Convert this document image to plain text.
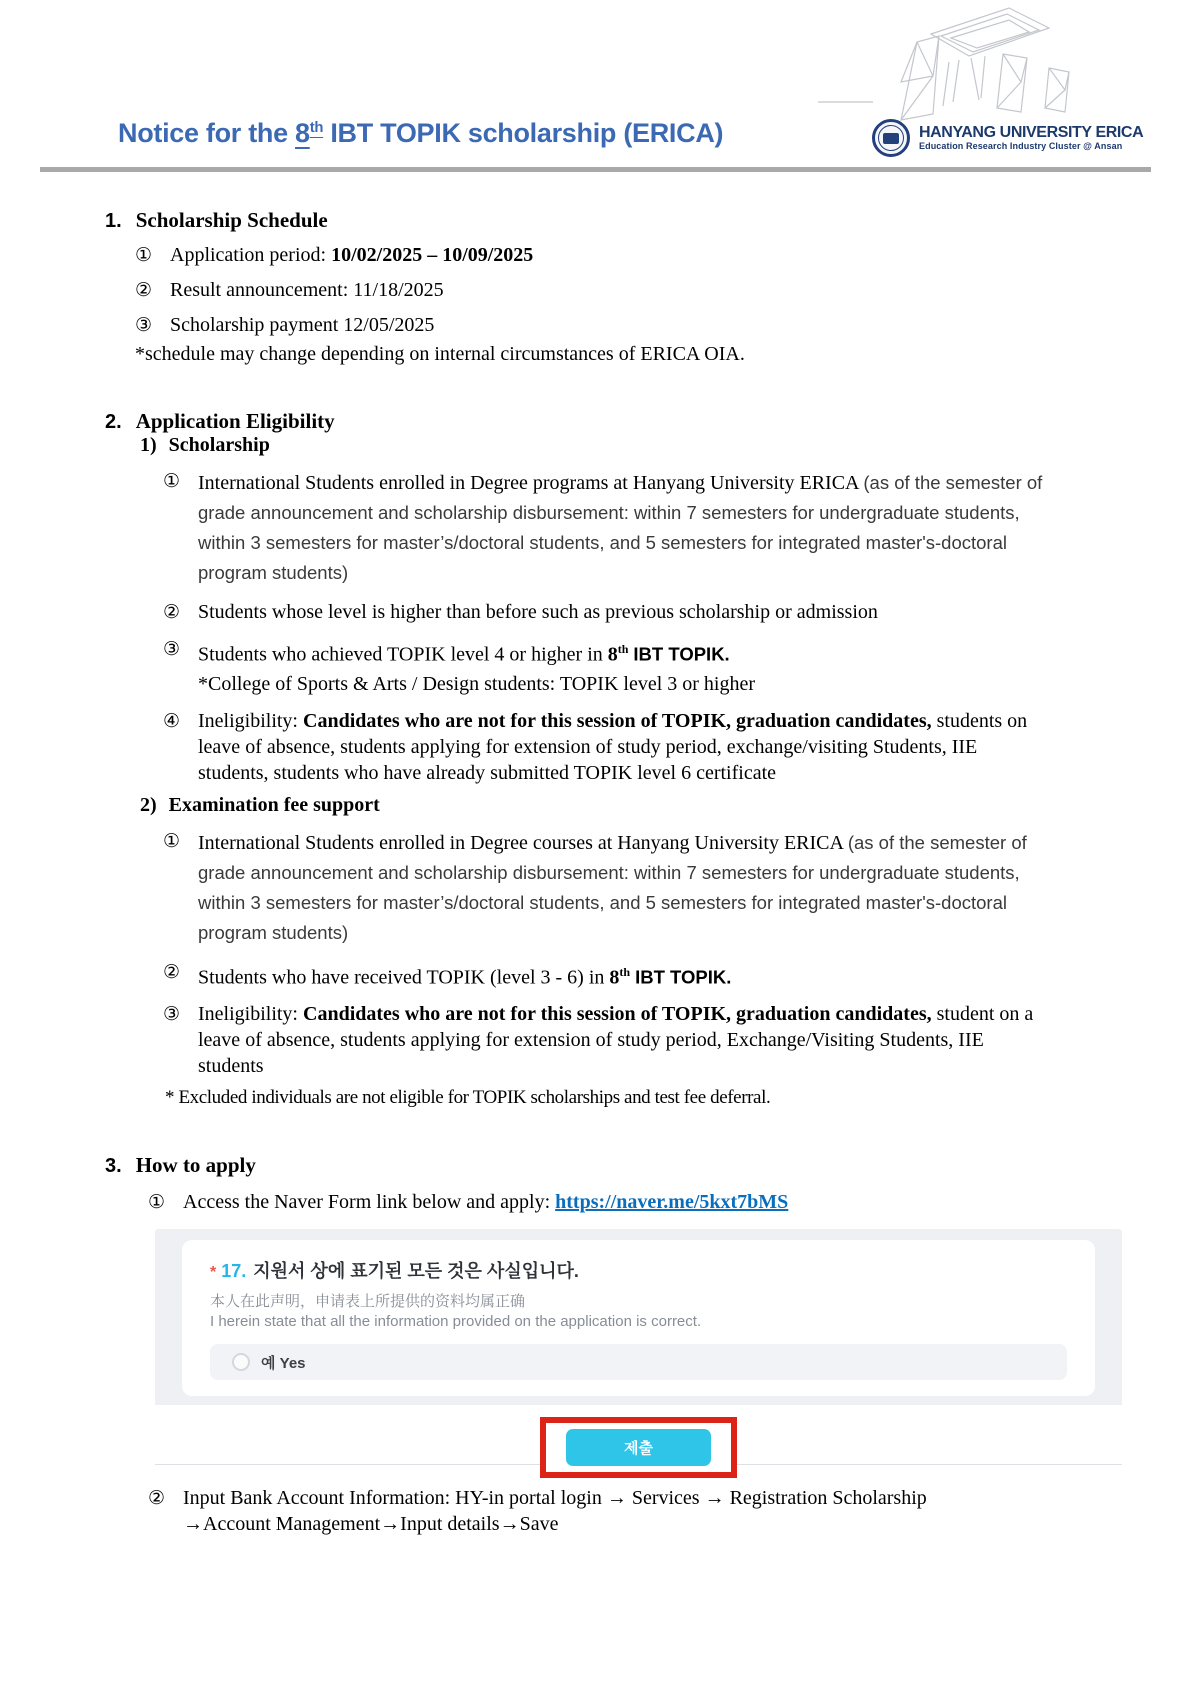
Notice for the 8th IBT TOPIK scholarship (ERICA)	HANYANG UNIVERSITY ERICA
Education Research Industry Cluster @ Ansan
1. Scholarship Schedule
① Application period: 10/02/2025 – 10/09/2025

② Result announcement: 11/18/2025

③ Scholarship payment 12/05/2025

*schedule may change depending on internal circumstances of ERICA OIA.

2. Application Eligibility
1) Scholarship
① International Students enrolled in Degree programs at Hanyang University ERICA (as of the semester of grade announcement and scholarship disbursement: within 7 semesters for undergraduate students, within 3 semesters for master’s/doctoral students, and 5 semesters for integrated master's-doctoral program students)

② Students whose level is higher than before such as previous scholarship or admission

③ Students who achieved TOPIK level 4 or higher in 8th IBT TOPIK.

*College of Sports & Arts / Design students: TOPIK level 3 or higher

④ Ineligibility: Candidates who are not for this session of TOPIK, graduation candidates, students on leave of absence, students applying for extension of study period, exchange/visiting Students, IIE students, students who have already submitted TOPIK level 6 certificate

2) Examination fee support
① International Students enrolled in Degree courses at Hanyang University ERICA (as of the semester of grade announcement and scholarship disbursement: within 7 semesters for undergraduate students, within 3 semesters for master’s/doctoral students, and 5 semesters for integrated master's-doctoral program students)

② Students who have received TOPIK (level 3 - 6) in 8th IBT TOPIK.

③ Ineligibility: Candidates who are not for this session of TOPIK, graduation candidates, student on a leave of absence, students applying for extension of study period, Exchange/Visiting Students, IIE students

* Excluded individuals are not eligible for TOPIK scholarships and test fee deferral.

3. How to apply
① Access the Naver Form link below and apply: https://naver.me/5kxt7bMS

* 17. 지원서 상에 표기된 모든 것은 사실입니다.
本人在此声明，申请表上所提供的资料均属正确
I herein state that all the information provided on the application is correct.
예 Yes
제출
② Input Bank Account Information: HY-in portal login → Services → Registration Scholarship →Account Management→Input details→Save
